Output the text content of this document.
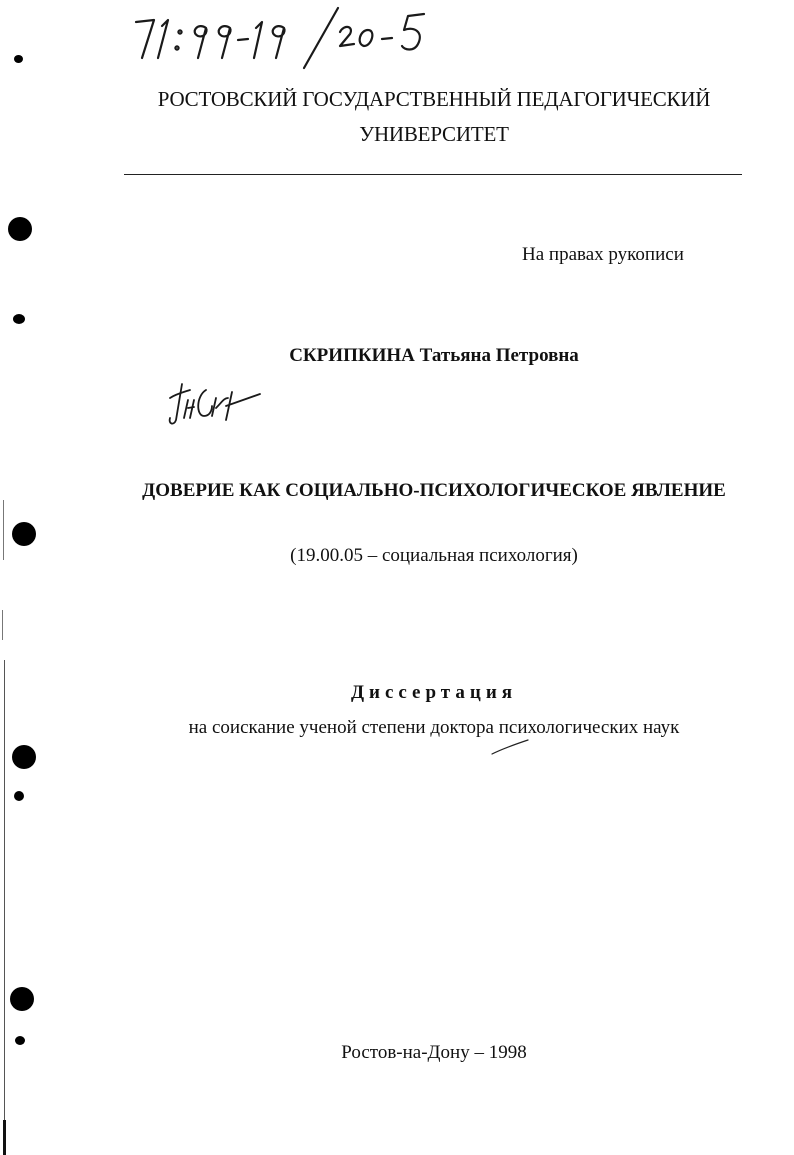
РОСТОВСКИЙ ГОСУДАРСТВЕННЫЙ ПЕДАГОГИЧЕСКИЙ

УНИВЕРСИТЕТ
На правах рукописи
СКРИПКИНА Татьяна Петровна
ДОВЕРИЕ КАК СОЦИАЛЬНО-ПСИХОЛОГИЧЕСКОЕ ЯВЛЕНИЕ
(19.00.05 – социальная психология)
Диссертация
на соискание ученой степени доктора психологических наук
Ростов-на-Дону – 1998
